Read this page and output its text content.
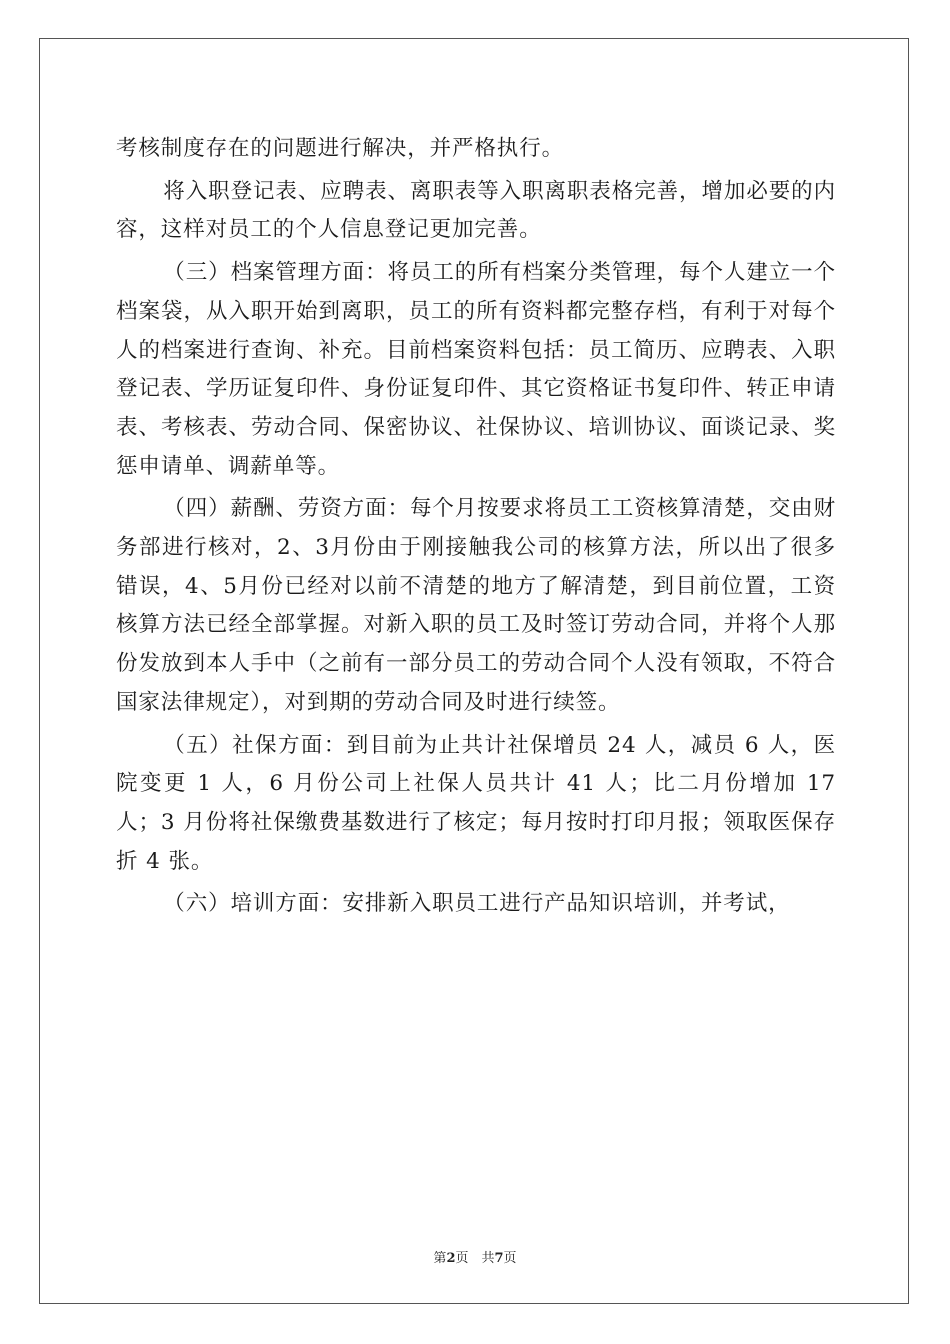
考核制度存在的问题进行解决，并严格执行。

将入职登记表、应聘表、离职表等入职离职表格完善，增加必要的内容，这样对员工的个人信息登记更加完善。

（三）档案管理方面：将员工的所有档案分类管理，每个人建立一个档案袋，从入职开始到离职，员工的所有资料都完整存档，有利于对每个人的档案进行查询、补充。目前档案资料包括：员工简历、应聘表、入职登记表、学历证复印件、身份证复印件、其它资格证书复印件、转正申请表、考核表、劳动合同、保密协议、社保协议、培训协议、面谈记录、奖惩申请单、调薪单等。

（四）薪酬、劳资方面：每个月按要求将员工工资核算清楚，交由财务部进行核对，2、3月份由于刚接触我公司的核算方法，所以出了很多错误，4、5月份已经对以前不清楚的地方了解清楚，到目前位置，工资核算方法已经全部掌握。对新入职的员工及时签订劳动合同，并将个人那份发放到本人手中（之前有一部分员工的劳动合同个人没有领取，不符合国家法律规定），对到期的劳动合同及时进行续签。

（五）社保方面：到目前为止共计社保增员 24 人，减员 6 人，医院变更 1 人，6 月份公司上社保人员共计 41 人；比二月份增加 17 人；3 月份将社保缴费基数进行了核定；每月按时打印月报；领取医保存折 4 张。

（六）培训方面：安排新入职员工进行产品知识培训，并考试，

第2页　共7页
